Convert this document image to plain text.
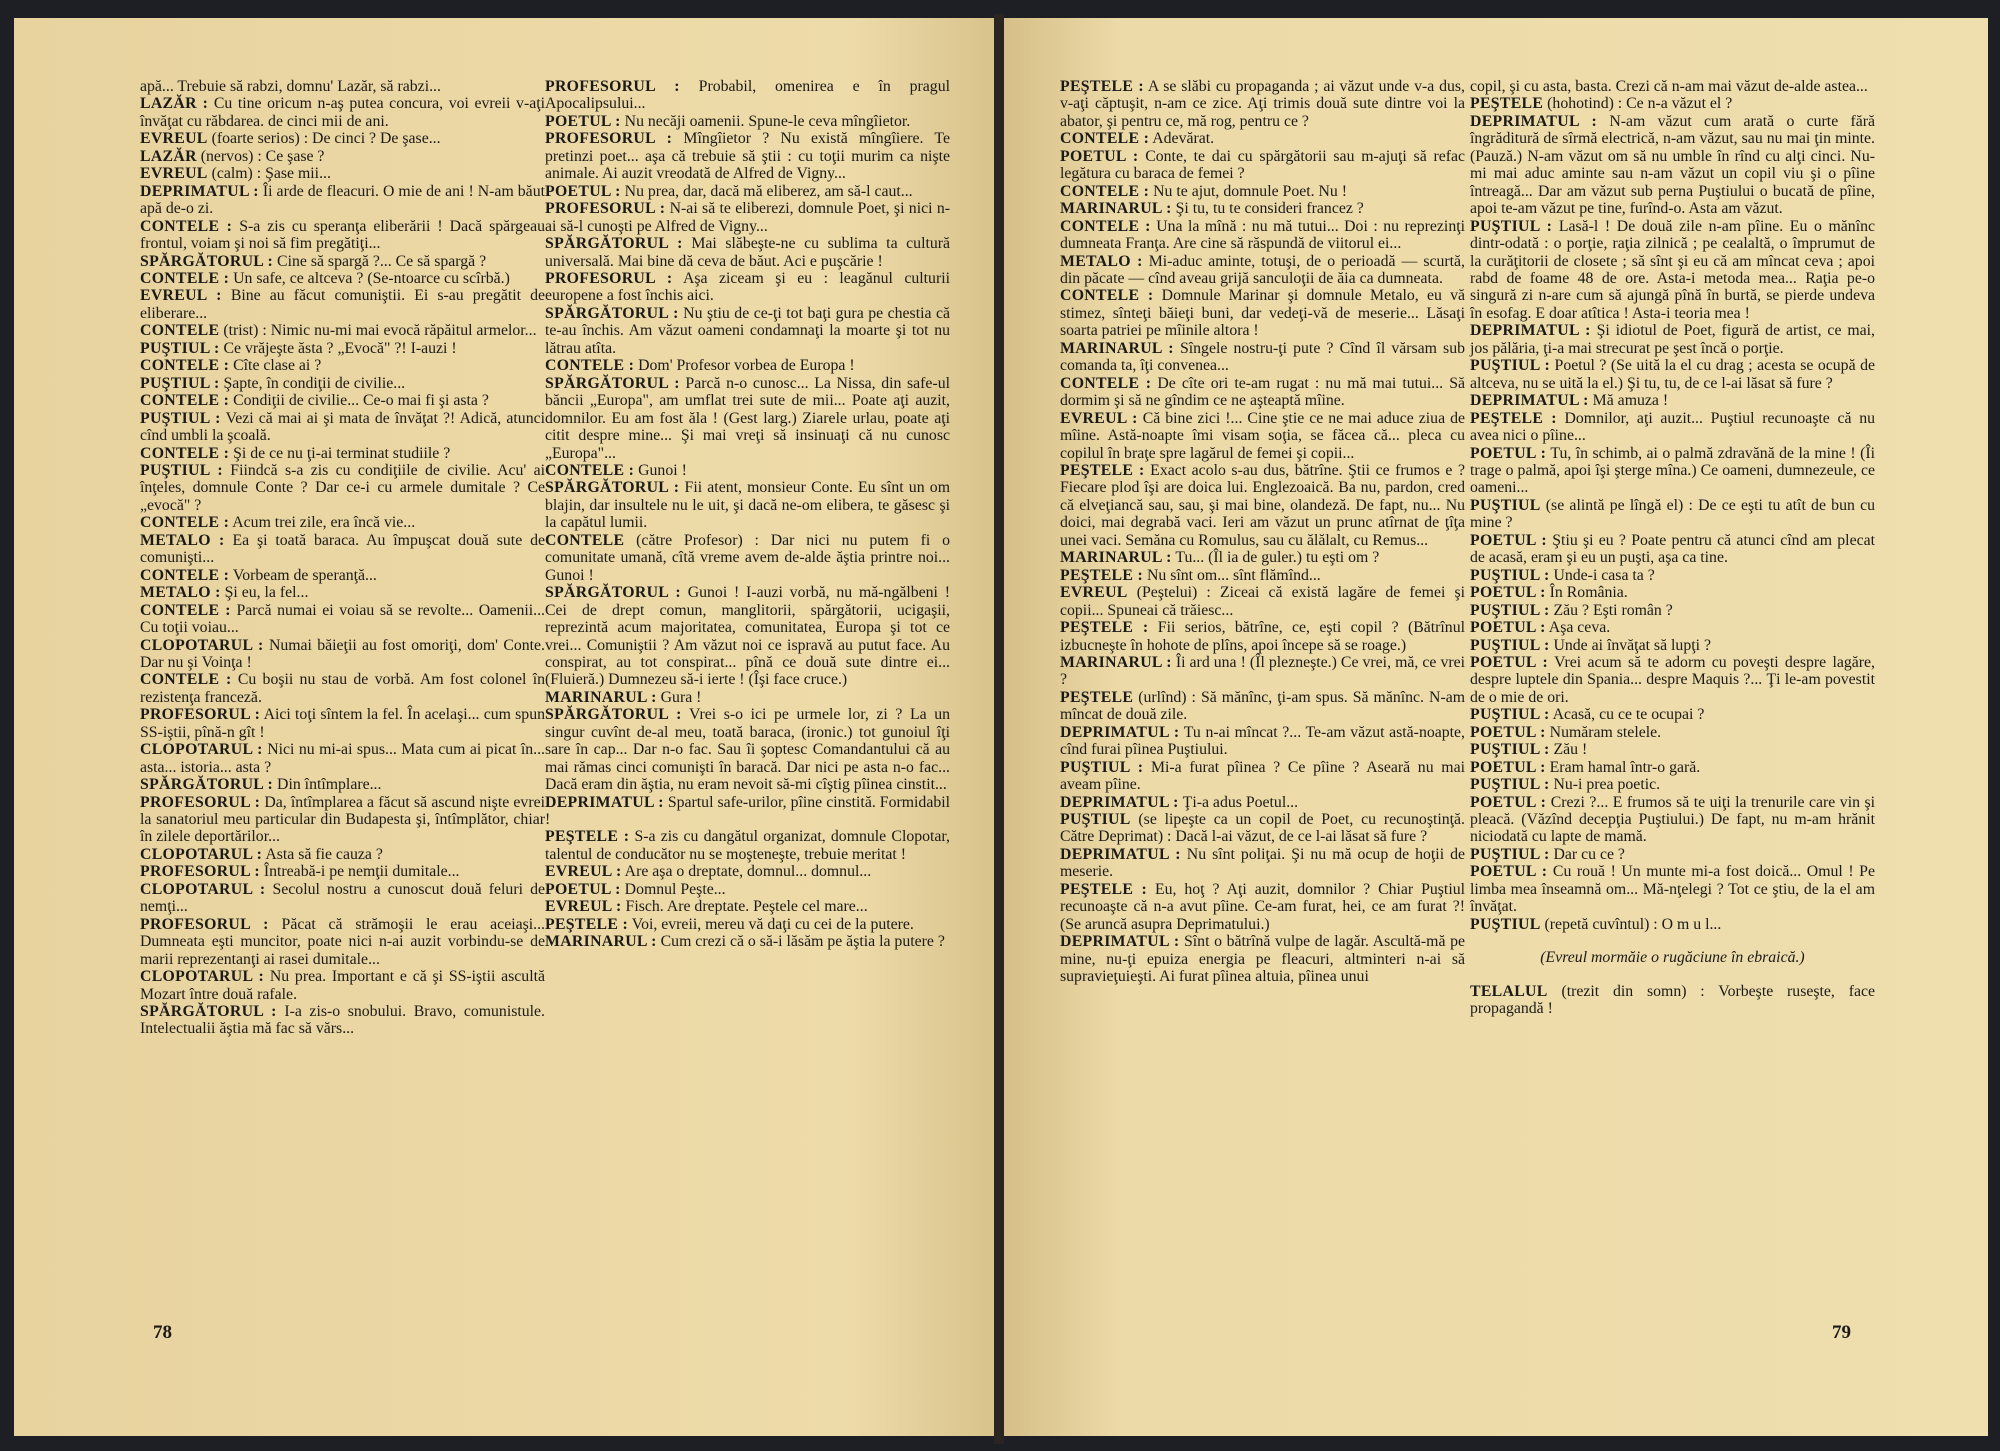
apă... Trebuie să rabzi, domnu' Lazăr, să rabzi...

LAZĂR : Cu tine oricum n-aş putea concura, voi evreii v-aţi învăţat cu răbdarea. de cinci mii de ani.

EVREUL (foarte serios) : De cinci ? De şase...

LAZĂR (nervos) : Ce şase ?

EVREUL (calm) : Şase mii...

DEPRIMATUL : Îi arde de fleacuri. O mie de ani ! N-am băut apă de-o zi.

CONTELE : S-a zis cu speranţa eliberării ! Dacă spărgeau frontul, voiam şi noi să fim pregătiţi...

SPĂRGĂTORUL : Cine să spargă ?... Ce să spargă ?

CONTELE : Un safe, ce altceva ? (Se-ntoarce cu scîrbă.)

EVREUL : Bine au făcut comuniştii. Ei s-au pregătit de eliberare...

CONTELE (trist) : Nimic nu-mi mai evocă răpăitul armelor...

PUŞTIUL : Ce vrăjeşte ăsta ? „Evocă" ?! I-auzi !

CONTELE : Cîte clase ai ?

PUŞTIUL : Şapte, în condiţii de civilie...

CONTELE : Condiţii de civilie... Ce-o mai fi şi asta ?

PUŞTIUL : Vezi că mai ai şi mata de învăţat ?! Adică, atunci cînd umbli la şcoală.

CONTELE : Şi de ce nu ţi-ai terminat studiile ?

PUŞTIUL : Fiindcă s-a zis cu condiţiile de civilie. Acu' ai înţeles, domnule Conte ? Dar ce-i cu armele dumitale ? Ce „evocă" ?

CONTELE : Acum trei zile, era încă vie...

METALO : Ea şi toată baraca. Au împuşcat două sute de comunişti...

CONTELE : Vorbeam de speranţă...

METALO : Şi eu, la fel...

CONTELE : Parcă numai ei voiau să se revolte... Oamenii... Cu toţii voiau...

CLOPOTARUL : Numai băieţii au fost omoriţi, dom' Conte. Dar nu şi Voinţa !

CONTELE : Cu boşii nu stau de vorbă. Am fost colonel în rezistenţa franceză.

PROFESORUL : Aici toţi sîntem la fel. În acelaşi... cum spun SS-iştii, pînă-n gît !

CLOPOTARUL : Nici nu mi-ai spus... Mata cum ai picat în... asta... istoria... asta ?

SPĂRGĂTORUL : Din întîmplare...

PROFESORUL : Da, întîmplarea a făcut să ascund nişte evrei la sanatoriul meu particular din Budapesta şi, întîmplător, chiar în zilele deportărilor...

CLOPOTARUL : Asta să fie cauza ?

PROFESORUL : Întreabă-i pe nemţii dumitale...

CLOPOTARUL : Secolul nostru a cunoscut două feluri de nemţi...

PROFESORUL : Păcat că strămoşii le erau aceiaşi... Dumneata eşti muncitor, poate nici n-ai auzit vorbindu-se de marii reprezentanţi ai rasei dumitale...

CLOPOTARUL : Nu prea. Important e că şi SS-iştii ascultă Mozart între două rafale.

SPĂRGĂTORUL : I-a zis-o snobului. Bravo, comunistule. Intelectualii ăştia mă fac să vărs...

PROFESORUL : Probabil, omenirea e în pragul Apocalipsului...

POETUL : Nu necăji oamenii. Spune-le ceva mîngîietor.

PROFESORUL : Mîngîietor ? Nu există mîngîiere. Te pretinzi poet... aşa că trebuie să ştii : cu toţii murim ca nişte animale. Ai auzit vreodată de Alfred de Vigny...

POETUL : Nu prea, dar, dacă mă eliberez, am să-l caut...

PROFESORUL : N-ai să te eliberezi, domnule Poet, şi nici n-ai să-l cunoşti pe Alfred de Vigny...

SPĂRGĂTORUL : Mai slăbeşte-ne cu sublima ta cultură universală. Mai bine dă ceva de băut. Aci e puşcărie !

PROFESORUL : Aşa ziceam şi eu : leagănul culturii europene a fost închis aici.

SPĂRGĂTORUL : Nu ştiu de ce-ţi tot baţi gura pe chestia că te-au închis. Am văzut oameni condamnaţi la moarte şi tot nu lătrau atîta.

CONTELE : Dom' Profesor vorbea de Europa !

SPĂRGĂTORUL : Parcă n-o cunosc... La Nissa, din safe-ul băncii „Europa", am umflat trei sute de mii... Poate aţi auzit, domnilor. Eu am fost ăla ! (Gest larg.) Ziarele urlau, poate aţi citit despre mine... Şi mai vreţi să insinuaţi că nu cunosc „Europa"...

CONTELE : Gunoi !

SPĂRGĂTORUL : Fii atent, monsieur Conte. Eu sînt un om blajin, dar insultele nu le uit, şi dacă ne-om elibera, te găsesc şi la capătul lumii.

CONTELE (către Profesor) : Dar nici nu putem fi o comunitate umană, cîtă vreme avem de-alde ăştia printre noi... Gunoi !

SPĂRGĂTORUL : Gunoi ! I-auzi vorbă, nu mă-ngălbeni ! Cei de drept comun, manglitorii, spărgătorii, ucigaşii, reprezintă acum majoritatea, comunitatea, Europa şi tot ce vrei... Comuniştii ? Am văzut noi ce ispravă au putut face. Au conspirat, au tot conspirat... pînă ce două sute dintre ei... (Fluieră.) Dumnezeu să-i ierte ! (Îşi face cruce.)

MARINARUL : Gura !

SPĂRGĂTORUL : Vrei s-o ici pe urmele lor, zi ? La un singur cuvînt de-al meu, toată baraca, (ironic.) tot gunoiul îţi sare în cap... Dar n-o fac. Sau îi şoptesc Comandantului că au mai rămas cinci comunişti în baracă. Dar nici pe asta n-o fac... Dacă eram din ăştia, nu eram nevoit să-mi cîştig pîinea cinstit...

DEPRIMATUL : Spartul safe-urilor, pîine cinstită. Formidabil !

PEŞTELE : S-a zis cu dangătul organizat, domnule Clopotar, talentul de conducător nu se moşteneşte, trebuie meritat !

EVREUL : Are aşa o dreptate, domnul... domnul...

POETUL : Domnul Peşte...

EVREUL : Fisch. Are dreptate. Peştele cel mare...

PEŞTELE : Voi, evreii, mereu vă daţi cu cei de la putere.

MARINARUL : Cum crezi că o să-i lăsăm pe ăştia la putere ?

PEŞTELE : A se slăbi cu propaganda ; ai văzut unde v-a dus, v-aţi căptuşit, n-am ce zice. Aţi trimis două sute dintre voi la abator, şi pentru ce, mă rog, pentru ce ?

CONTELE : Adevărat.

POETUL : Conte, te dai cu spărgătorii sau m-ajuţi să refac legătura cu baraca de femei ?

CONTELE : Nu te ajut, domnule Poet. Nu !

MARINARUL : Şi tu, tu te consideri francez ?

CONTELE : Una la mînă : nu mă tutui... Doi : nu reprezinţi dumneata Franţa. Are cine să răspundă de viitorul ei...

METALO : Mi-aduc aminte, totuşi, de o perioadă — scurtă, din păcate — cînd aveau grijă sanculoţii de ăia ca dumneata.

CONTELE : Domnule Marinar şi domnule Metalo, eu vă stimez, sînteţi băieţi buni, dar vedeţi-vă de meserie... Lăsaţi soarta patriei pe mîinile altora !

MARINARUL : Sîngele nostru-ţi pute ? Cînd îl vărsam sub comanda ta, îţi convenea...

CONTELE : De cîte ori te-am rugat : nu mă mai tutui... Să dormim şi să ne gîndim ce ne aşteaptă mîine.

EVREUL : Că bine zici !... Cine ştie ce ne mai aduce ziua de mîine. Astă-noapte îmi visam soţia, se făcea că... pleca cu copilul în braţe spre lagărul de femei şi copii...

PEŞTELE : Exact acolo s-au dus, bătrîne. Ştii ce frumos e ? Fiecare plod îşi are doica lui. Englezoaică. Ba nu, pardon, cred că elveţiancă sau, sau, şi mai bine, olandeză. De fapt, nu... Nu doici, mai degrabă vaci. Ieri am văzut un prunc atîrnat de ţîţa unei vaci. Semăna cu Romulus, sau cu ălălalt, cu Remus...

MARINARUL : Tu... (Îl ia de guler.) tu eşti om ?

PEŞTELE : Nu sînt om... sînt flămînd...

EVREUL (Peştelui) : Ziceai că există lagăre de femei şi copii... Spuneai că trăiesc...

PEŞTELE : Fii serios, bătrîne, ce, eşti copil ? (Bătrînul izbucneşte în hohote de plîns, apoi începe să se roage.)

MARINARUL : Îi ard una ! (Îl plezneşte.) Ce vrei, mă, ce vrei ?

PEŞTELE (urlînd) : Să mănînc, ţi-am spus. Să mănînc. N-am mîncat de două zile.

DEPRIMATUL : Tu n-ai mîncat ?... Te-am văzut astă-noapte, cînd furai pîinea Puştiului.

PUŞTIUL : Mi-a furat pîinea ? Ce pîine ? Aseară nu mai aveam pîine.

DEPRIMATUL : Ţi-a adus Poetul...

PUŞTIUL (se lipeşte ca un copil de Poet, cu recunoştinţă. Către Deprimat) : Dacă l-ai văzut, de ce l-ai lăsat să fure ?

DEPRIMATUL : Nu sînt poliţai. Şi nu mă ocup de hoţii de meserie.

PEŞTELE : Eu, hoţ ? Aţi auzit, domnilor ? Chiar Puştiul recunoaşte că n-a avut pîine. Ce-am furat, hei, ce am furat ?! (Se aruncă asupra Deprimatului.)

DEPRIMATUL : Sînt o bătrînă vulpe de lagăr. Ascultă-mă pe mine, nu-ţi epuiza energia pe fleacuri, altminteri n-ai să supravieţuieşti. Ai furat pîinea altuia, pîinea unui

copil, şi cu asta, basta. Crezi că n-am mai văzut de-alde astea...

PEŞTELE (hohotind) : Ce n-a văzut el ?

DEPRIMATUL : N-am văzut cum arată o curte fără îngrăditură de sîrmă electrică, n-am văzut, sau nu mai ţin minte. (Pauză.) N-am văzut om să nu umble în rînd cu alţi cinci. Nu-mi mai aduc aminte sau n-am văzut un copil viu şi o pîine întreagă... Dar am văzut sub perna Puştiului o bucată de pîine, apoi te-am văzut pe tine, furînd-o. Asta am văzut.

PUŞTIUL : Lasă-l ! De două zile n-am pîine. Eu o mănînc dintr-odată : o porţie, raţia zilnică ; pe cealaltă, o împrumut de la curăţitorii de closete ; să sînt şi eu că am mîncat ceva ; apoi rabd de foame 48 de ore. Asta-i metoda mea... Raţia pe-o singură zi n-are cum să ajungă pînă în burtă, se pierde undeva în esofag. E doar atîtica ! Asta-i teoria mea !

DEPRIMATUL : Şi idiotul de Poet, figură de artist, ce mai, jos pălăria, ţi-a mai strecurat pe şest încă o porţie.

PUŞTIUL : Poetul ? (Se uită la el cu drag ; acesta se ocupă de altceva, nu se uită la el.) Şi tu, tu, de ce l-ai lăsat să fure ?

DEPRIMATUL : Mă amuza !

PEŞTELE : Domnilor, aţi auzit... Puştiul recunoaşte că nu avea nici o pîine...

POETUL : Tu, în schimb, ai o palmă zdravănă de la mine ! (Îi trage o palmă, apoi îşi şterge mîna.) Ce oameni, dumnezeule, ce oameni...

PUŞTIUL (se alintă pe lîngă el) : De ce eşti tu atît de bun cu mine ?

POETUL : Ştiu şi eu ? Poate pentru că atunci cînd am plecat de acasă, eram şi eu un puşti, aşa ca tine.

PUŞTIUL : Unde-i casa ta ?

POETUL : În România.

PUŞTIUL : Zău ? Eşti român ?

POETUL : Aşa ceva.

PUŞTIUL : Unde ai învăţat să lupţi ?

POETUL : Vrei acum să te adorm cu poveşti despre lagăre, despre luptele din Spania... despre Maquis ?... Ţi le-am povestit de o mie de ori.

PUŞTIUL : Acasă, cu ce te ocupai ?

POETUL : Număram stelele.

PUŞTIUL : Zău !

POETUL : Eram hamal într-o gară.

PUŞTIUL : Nu-i prea poetic.

POETUL : Crezi ?... E frumos să te uiţi la trenurile care vin şi pleacă. (Văzînd decepţia Puştiului.) De fapt, nu m-am hrănit niciodată cu lapte de mamă.

PUŞTIUL : Dar cu ce ?

POETUL : Cu rouă ! Un munte mi-a fost doică... Omul ! Pe limba mea înseamnă om... Mă-nţelegi ? Tot ce ştiu, de la el am învăţat.

PUŞTIUL (repetă cuvîntul) : O m u l...

(Evreul mormăie o rugăciune în ebraică.)

TELALUL (trezit din somn) : Vorbeşte ruseşte, face propagandă !

78	79
